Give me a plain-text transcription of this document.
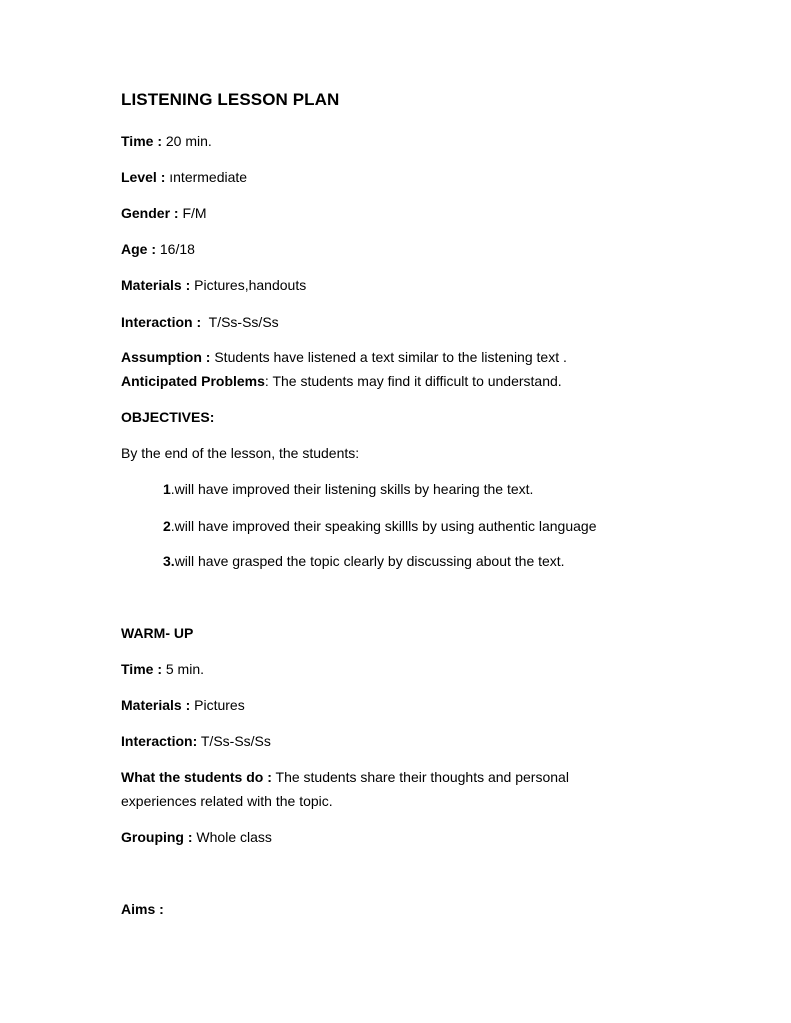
LISTENING LESSON PLAN
Time : 20 min.
Level : ıntermediate
Gender : F/M
Age : 16/18
Materials : Pictures,handouts
Interaction :  T/Ss-Ss/Ss
Assumption : Students have listened a text similar to the listening text .
Anticipated Problems: The students may find it difficult to understand.
OBJECTIVES:
By the end of the lesson, the students:
1.will have improved their listening skills by hearing the text.
2.will have improved their speaking skillls by using authentic language
3.will have grasped the topic clearly by discussing about the text.
WARM- UP
Time : 5 min.
Materials : Pictures
Interaction: T/Ss-Ss/Ss
What the students do : The students share their thoughts and personal
experiences related with the topic.
Grouping : Whole class
Aims :
